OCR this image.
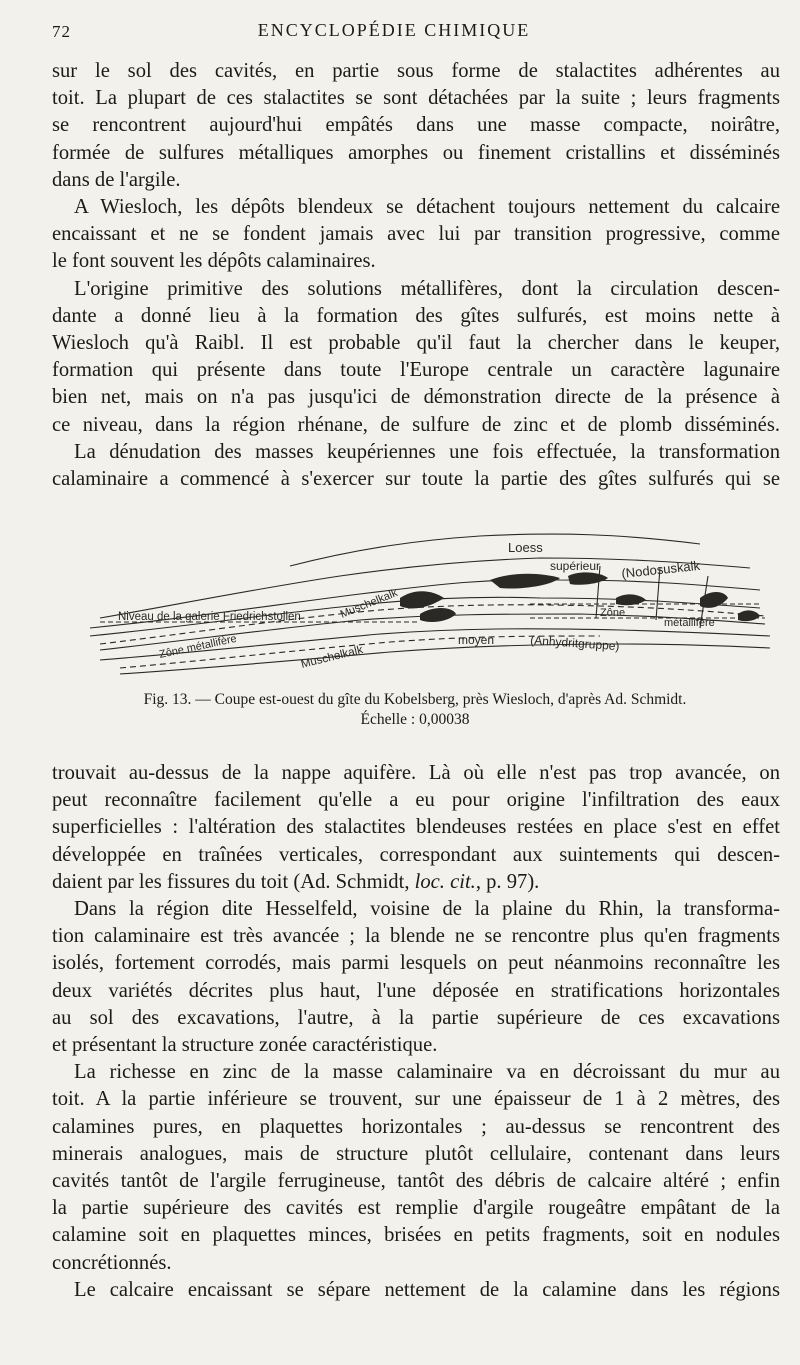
72	ENCYCLOPÉDIE CHIMIQUE

sur le sol des cavités, en partie sous forme de stalactites adhérentes au
toit. La plupart de ces stalactites se sont détachées par la suite ; leurs fragments
se rencontrent aujourd'hui empâtés dans une masse compacte, noirâtre,
formée de sulfures métalliques amorphes ou finement cristallins et disséminés
dans de l'argile.

A Wiesloch, les dépôts blendeux se détachent toujours nettement du calcaire
encaissant et ne se fondent jamais avec lui par transition progressive, comme
le font souvent les dépôts calaminaires.

L'origine primitive des solutions métallifères, dont la circulation descen-
dante a donné lieu à la formation des gîtes sulfurés, est moins nette à
Wiesloch qu'à Raibl. Il est probable qu'il faut la chercher dans le keuper,
formation qui présente dans toute l'Europe centrale un caractère lagunaire
bien net, mais on n'a pas jusqu'ici de démonstration directe de la présence à
ce niveau, dans la région rhénane, de sulfure de zinc et de plomb disséminés.

La dénudation des masses keupériennes une fois effectuée, la transformation
calaminaire a commencé à s'exercer sur toute la partie des gîtes sulfurés qui se

Loess
supérieur (Nodosuskalk
Muschelkalk
Niveau de la galerie Friedrichstollen
Zône métallifère
Zône
métallifère
moyen	(Anhydritgruppe)
Muschelkalk
Fig. 13. — Coupe est-ouest du gîte du Kobelsberg, près Wiesloch, d'après Ad. Schmidt.
Échelle : 0,00038

trouvait au-dessus de la nappe aquifère. Là où elle n'est pas trop avancée, on
peut reconnaître facilement qu'elle a eu pour origine l'infiltration des eaux
superficielles : l'altération des stalactites blendeuses restées en place s'est en effet
développée en traînées verticales, correspondant aux suintements qui descen-
daient par les fissures du toit (Ad. Schmidt, loc. cit., p. 97).

Dans la région dite Hesselfeld, voisine de la plaine du Rhin, la transforma-
tion calaminaire est très avancée ; la blende ne se rencontre plus qu'en fragments
isolés, fortement corrodés, mais parmi lesquels on peut néanmoins reconnaître les
deux variétés décrites plus haut, l'une déposée en stratifications horizontales
au sol des excavations, l'autre, à la partie supérieure de ces excavations
et présentant la structure zonée caractéristique.

La richesse en zinc de la masse calaminaire va en décroissant du mur au
toit. A la partie inférieure se trouvent, sur une épaisseur de 1 à 2 mètres, des
calamines pures, en plaquettes horizontales ; au-dessus se rencontrent des
minerais analogues, mais de structure plutôt cellulaire, contenant dans leurs
cavités tantôt de l'argile ferrugineuse, tantôt des débris de calcaire altéré ; enfin
la partie supérieure des cavités est remplie d'argile rougeâtre empâtant de la
calamine soit en plaquettes minces, brisées en petits fragments, soit en nodules
concrétionnés.

Le calcaire encaissant se sépare nettement de la calamine dans les régions
